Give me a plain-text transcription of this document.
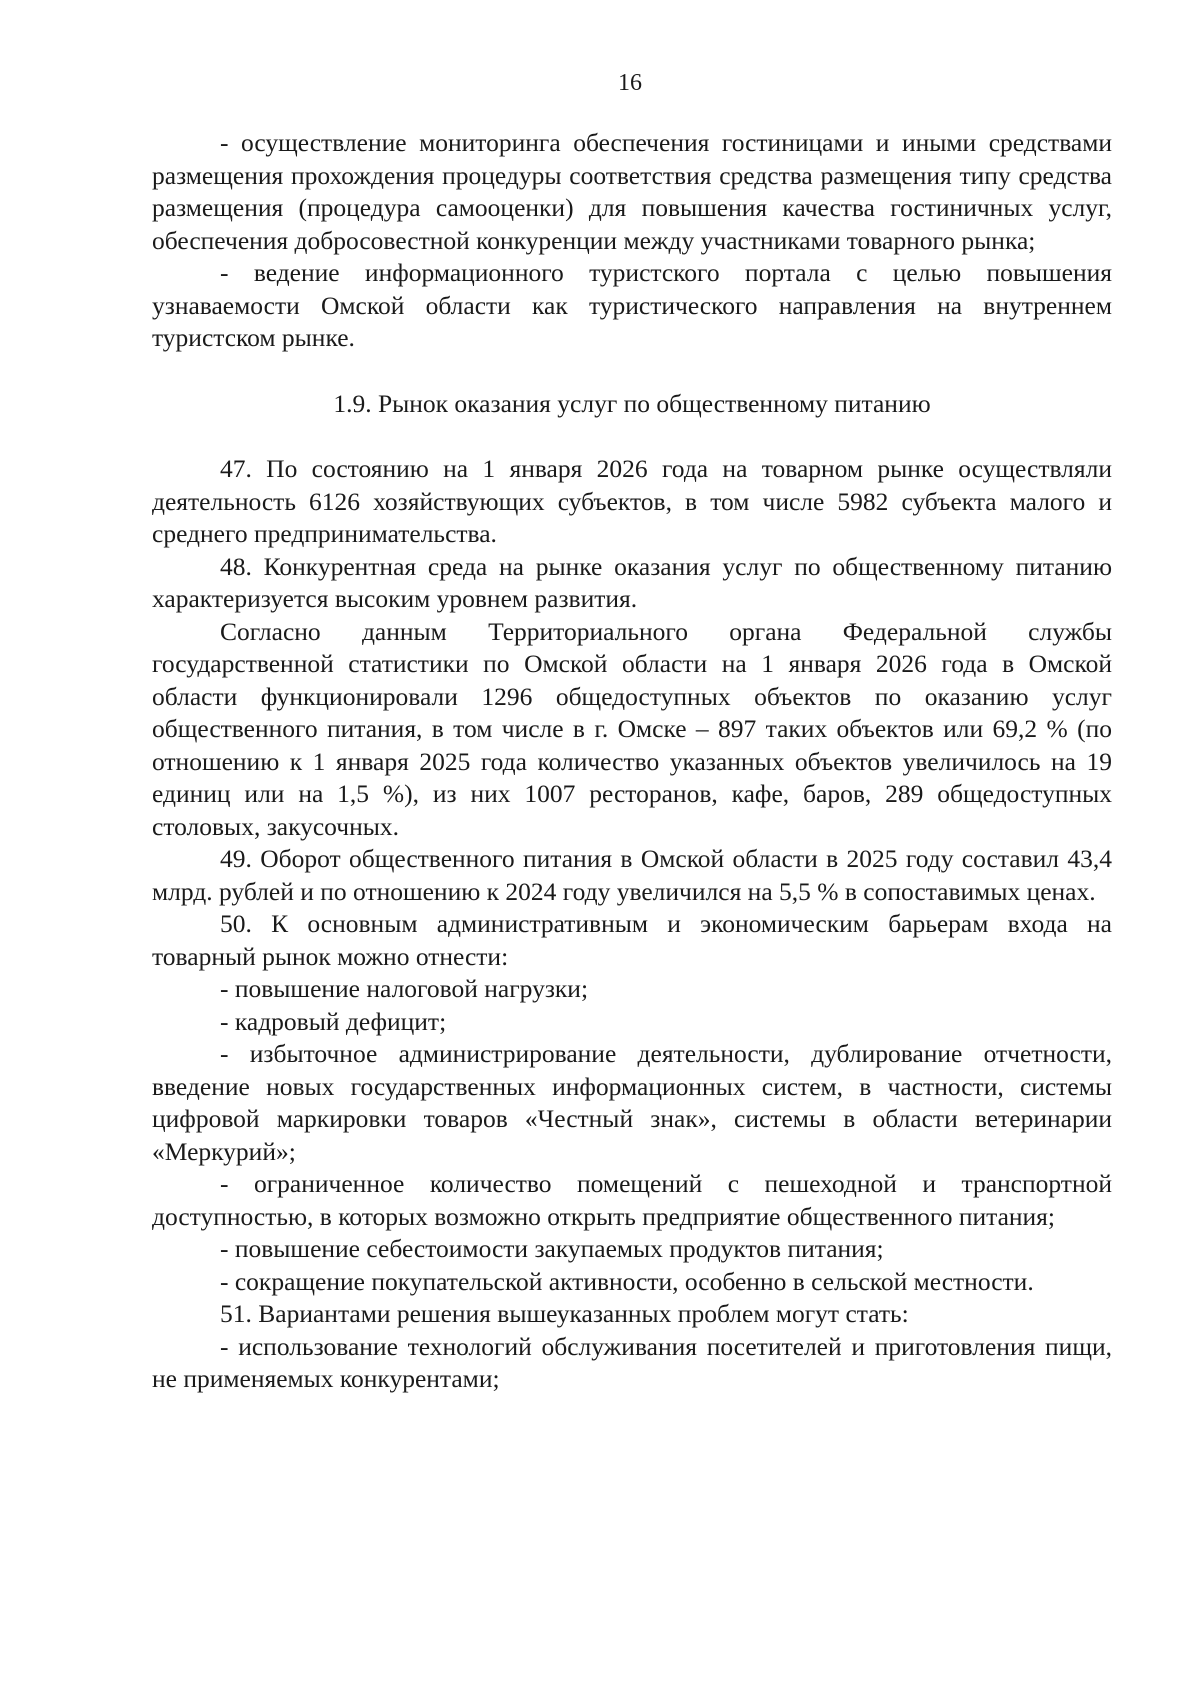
16

- осуществление мониторинга обеспечения гостиницами и иными средствами размещения прохождения процедуры соответствия средства размещения типу средства размещения (процедура самооценки) для повышения качества гостиничных услуг, обеспечения добросовестной конкуренции между участниками товарного рынка;

- ведение информационного туристского портала с целью повышения узнаваемости Омской области как туристического направления на внутреннем туристском рынке.

1.9. Рынок оказания услуг по общественному питанию

47. По состоянию на 1 января 2026 года на товарном рынке осуществляли деятельность 6126 хозяйствующих субъектов, в том числе 5982 субъекта малого и среднего предпринимательства.

48. Конкурентная среда на рынке оказания услуг по общественному питанию характеризуется высоким уровнем развития.

Согласно данным Территориального органа Федеральной службы государственной статистики по Омской области на 1 января 2026 года в Омской области функционировали 1296 общедоступных объектов по оказанию услуг общественного питания, в том числе в г. Омске – 897 таких объектов или 69,2 % (по отношению к 1 января 2025 года количество указанных объектов увеличилось на 19 единиц или на 1,5 %), из них 1007 ресторанов, кафе, баров, 289 общедоступных столовых, закусочных.

49. Оборот общественного питания в Омской области в 2025 году составил 43,4 млрд. рублей и по отношению к 2024 году увеличился на 5,5 % в сопоставимых ценах.

50. К основным административным и экономическим барьерам входа на товарный рынок можно отнести:

- повышение налоговой нагрузки;

- кадровый дефицит;

- избыточное администрирование деятельности, дублирование отчетности, введение новых государственных информационных систем, в частности, системы цифровой маркировки товаров «Честный знак», системы в области ветеринарии «Меркурий»;

- ограниченное количество помещений с пешеходной и транспортной доступностью, в которых возможно открыть предприятие общественного питания;

- повышение себестоимости закупаемых продуктов питания;

- сокращение покупательской активности, особенно в сельской местности.

51. Вариантами решения вышеуказанных проблем могут стать:

- использование технологий обслуживания посетителей и приготовления пищи, не применяемых конкурентами;
